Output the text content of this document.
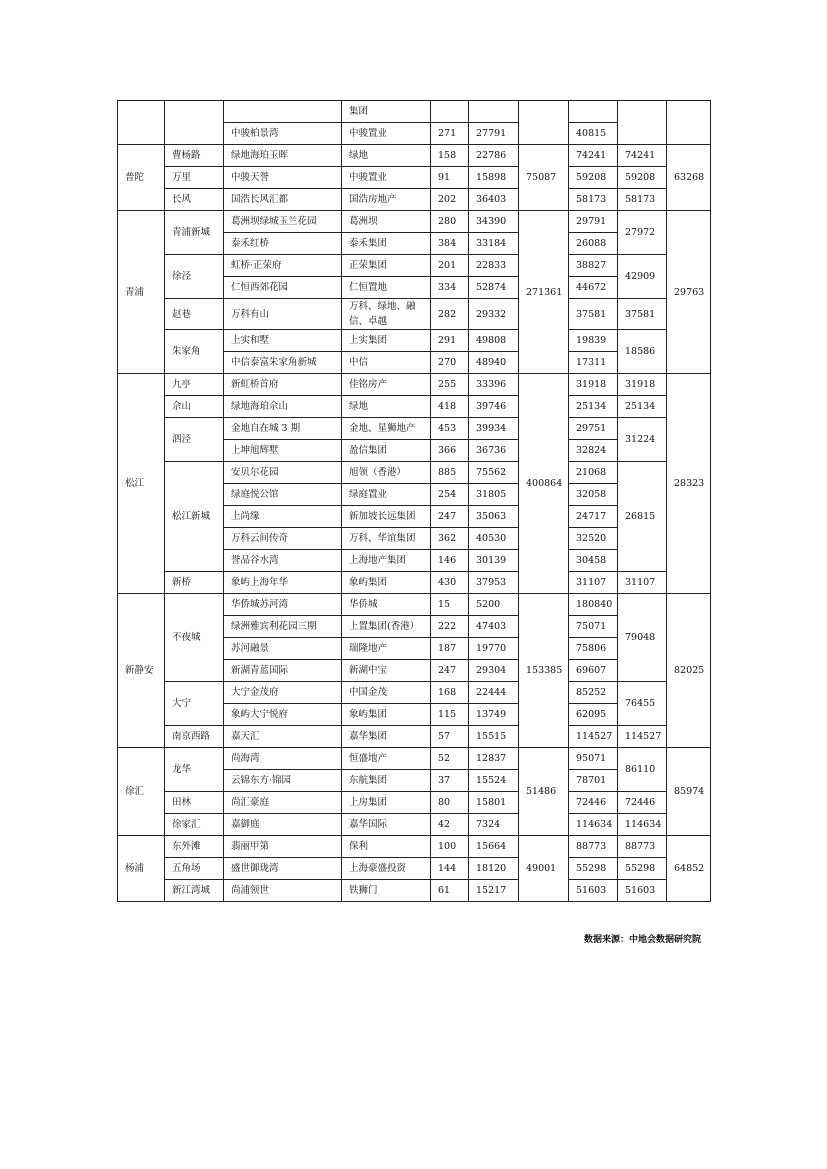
			集团						
		中骏柏景湾	中骏置业	271	27791		40815		
普陀	曹杨路	绿地海珀玉晖	绿地	158	22786	75087	74241	74241	63268
	万里	中骏天誉	中骏置业	91	15898		59208	59208	
	长风	国浩长风汇都	国浩房地产	202	36403		58173	58173	
青浦	青浦新城	葛洲坝绿城玉兰花园	葛洲坝	280	34390	271361	29791	27972	29763
		泰禾红桥	泰禾集团	384	33184		26088		
	徐泾	虹桥·正荣府	正荣集团	201	22833		38827	42909	
		仁恒西郊花园	仁恒置地	334	52874		44672		
	赵巷	万科有山	万科、绿地、融信、卓越	282	29332		37581	37581	

	朱家角	上实和墅	上实集团	291	49808		19839	18586	
		中信泰富朱家角新城	中信	270	48940		17311		
松江	九亭	新虹桥首府	佳铭房产	255	33396	400864	31918	31918	28323
	佘山	绿地海珀佘山	绿地	418	39746		25134	25134	
	泗泾	金地自在城 3 期	金地、星狮地产	453	39934		29751	31224	
		上坤旭辉墅	盈信集团	366	36736		32824		
	松江新城	安贝尔花园	旭领（香港）	885	75562		21068	26815	
		绿庭悦公馆	绿庭置业	254	31805		32058		
		上尚缘	新加坡长远集团	247	35063		24717		
		万科云间传奇	万科、华谊集团	362	40530		32520		
		誉品谷水湾	上海地产集团	146	30139		30458		
	新桥	象屿上海年华	象屿集团	430	37953		31107	31107	
新静安	不夜城	华侨城苏河湾	华侨城	15	5200	153385	180840	79048	82025
		绿洲雅宾利花园三期	上置集团(香港）	222	47403		75071		
		苏河融景	瑞隆地产	187	19770		75806		
		新湖青蓝国际	新湖中宝	247	29304		69607		
	大宁	大宁金茂府	中国金茂	168	22444		85252	76455	
		象屿大宁悦府	象屿集团	115	13749		62095		
	南京西路	嘉天汇	嘉华集团	57	15515		114527	114527	
徐汇	龙华	尚海湾	恒盛地产	52	12837	51486	95071	86110	85974
		云锦东方·锦园	东航集团	37	15524		78701		
	田林	尚汇豪庭	上房集团	80	15801		72446	72446	
	徐家汇	嘉御庭	嘉华国际	42	7324		114634	114634	
杨浦	东外滩	翡丽甲第	保利	100	15664	49001	88773	88773	64852
	五角场	盛世御珑湾	上海豪盛投资	144	18120		55298	55298	
	新江湾城	尚浦领世	铁狮门	61	15217		51603	51603	
数据来源：中地会数据研究院
